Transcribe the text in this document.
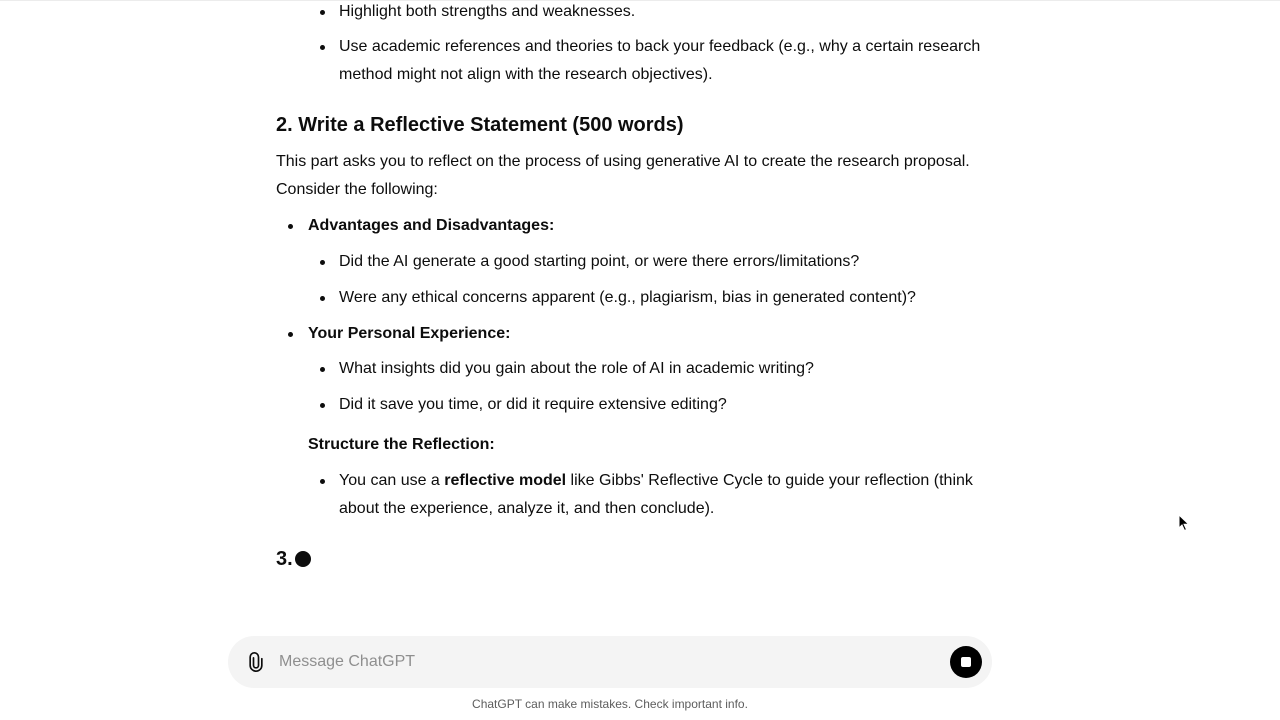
Highlight both strengths and weaknesses.

Use academic references and theories to back your feedback (e.g., why a certain research method might not align with the research objectives).

2. Write a Reflective Statement (500 words)

This part asks you to reflect on the process of using generative AI to create the research proposal. Consider the following:

Advantages and Disadvantages:

Did the AI generate a good starting point, or were there errors/limitations?

Were any ethical concerns apparent (e.g., plagiarism, bias in generated content)?

Your Personal Experience:

What insights did you gain about the role of AI in academic writing?

Did it save you time, or did it require extensive editing?

Structure the Reflection:

You can use a reflective model like Gibbs' Reflective Cycle to guide your reflection (think about the experience, analyze it, and then conclude).

3.
Message ChatGPT
ChatGPT can make mistakes. Check important info.
